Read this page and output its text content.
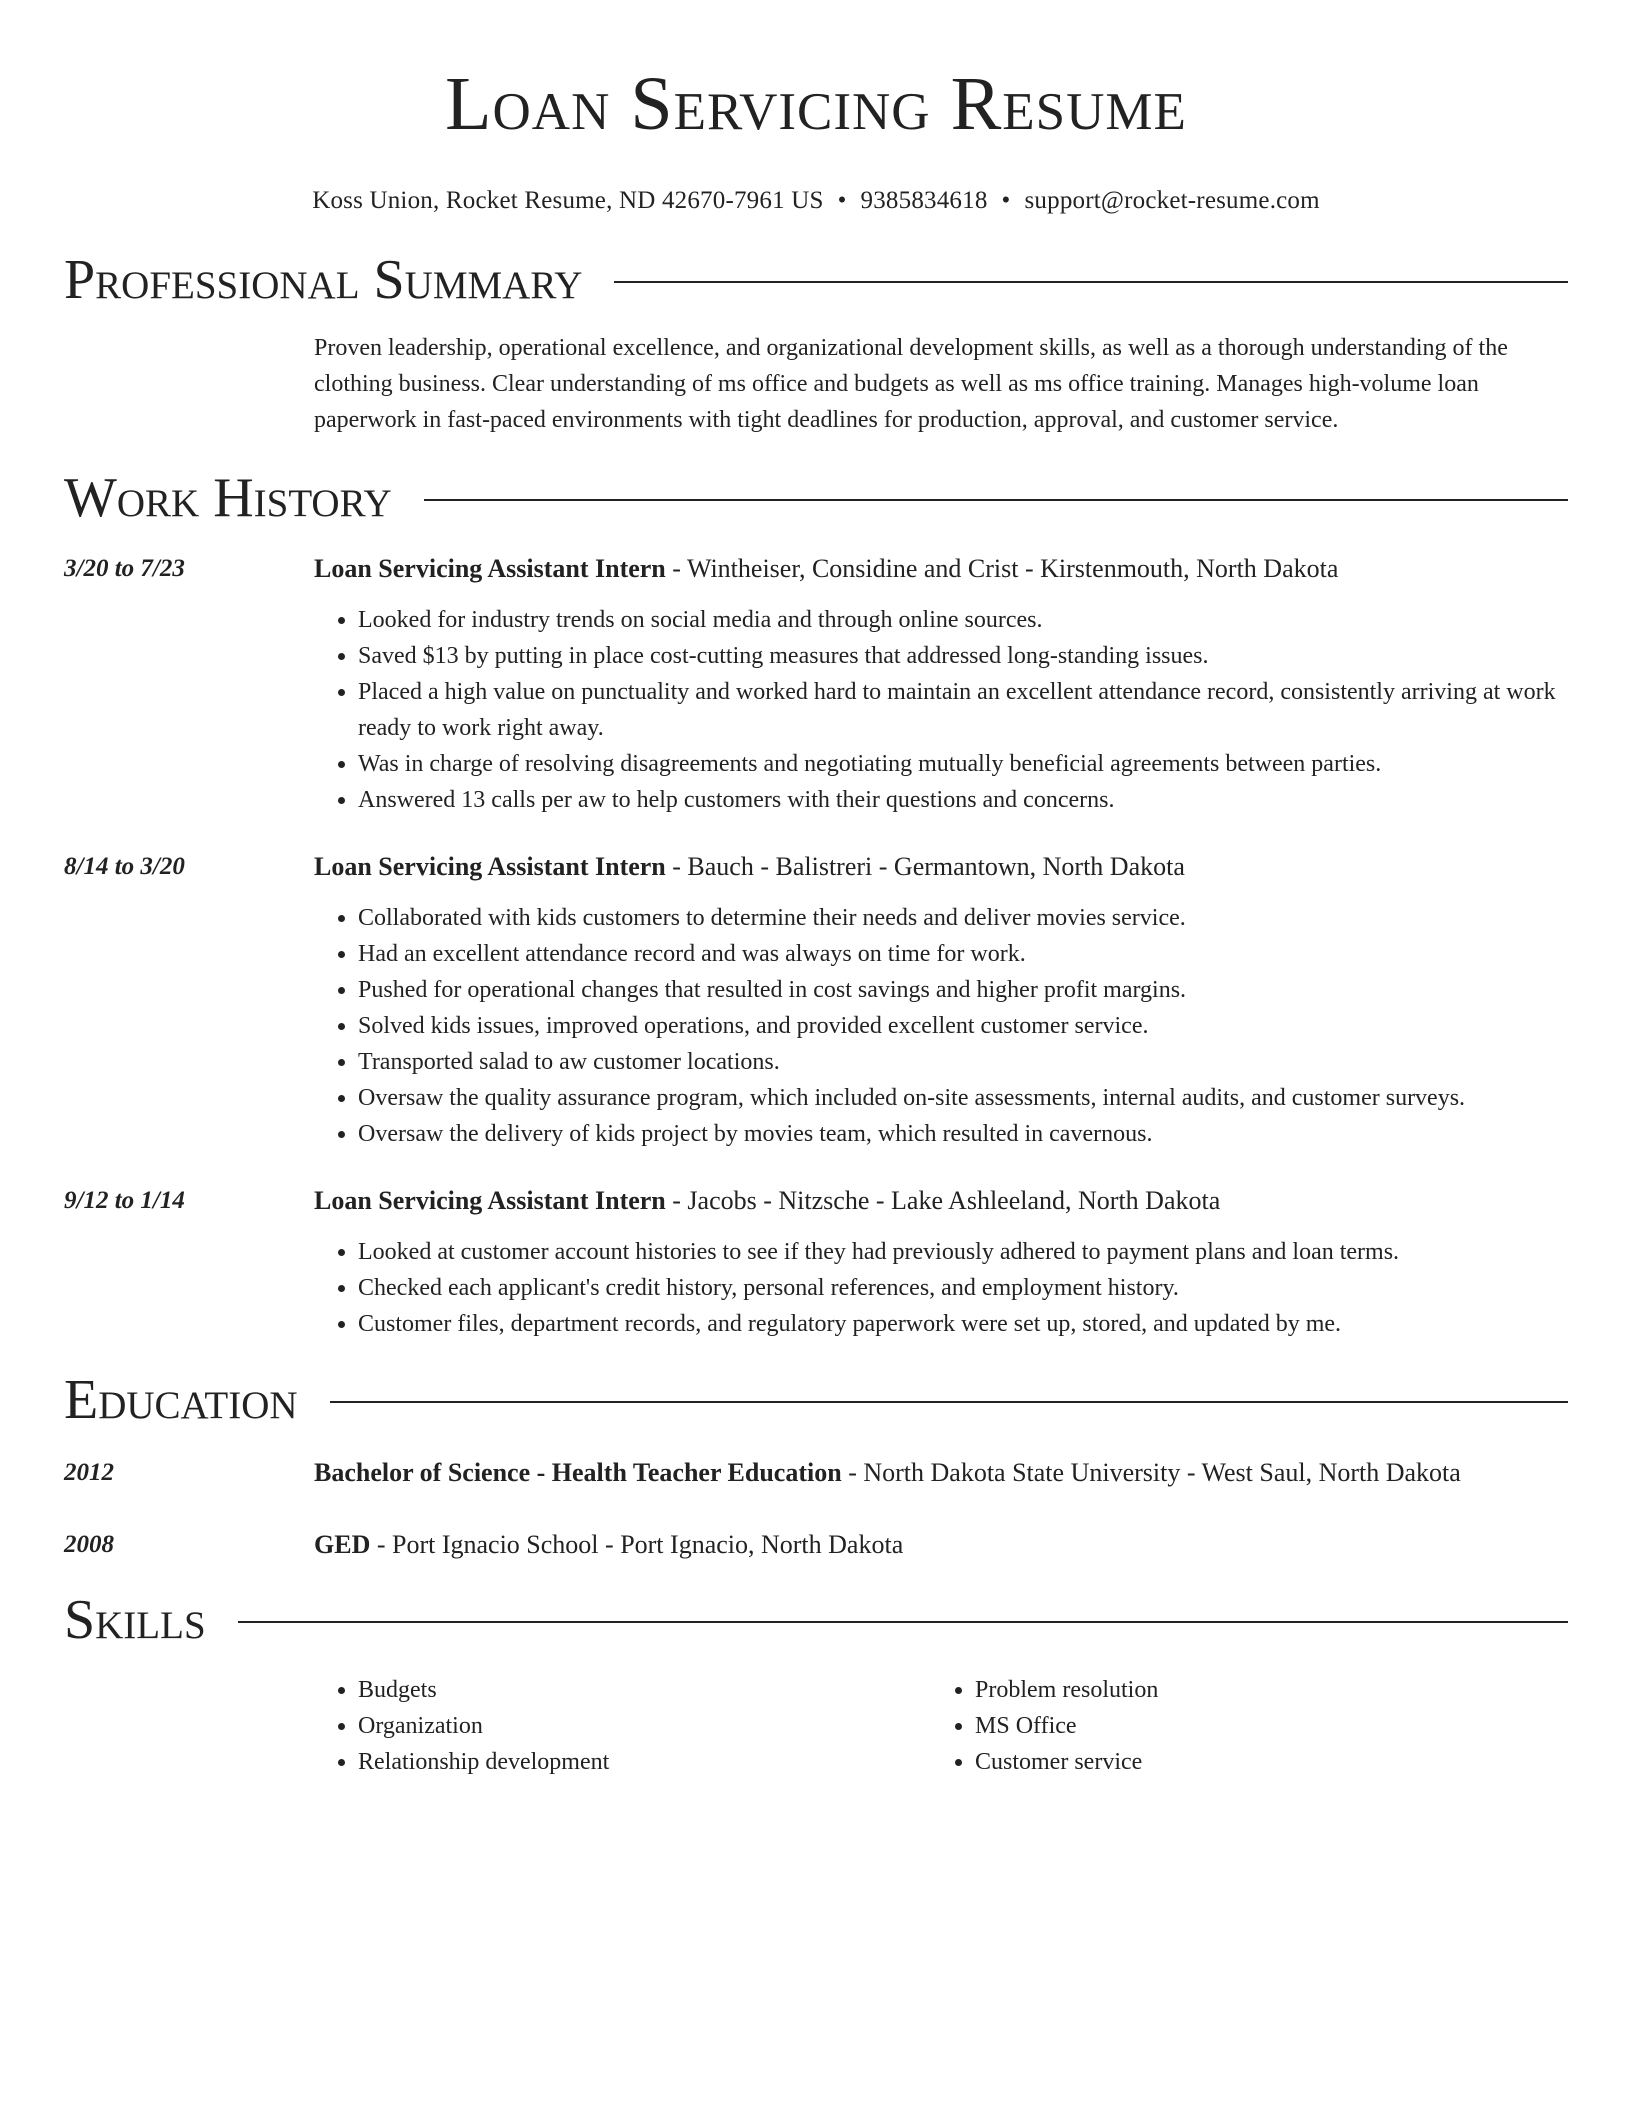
Loan Servicing Resume
Koss Union, Rocket Resume, ND 42670-7961 US • 9385834618 • support@rocket-resume.com
Professional Summary
Proven leadership, operational excellence, and organizational development skills, as well as a thorough understanding of the clothing business. Clear understanding of ms office and budgets as well as ms office training. Manages high-volume loan paperwork in fast-paced environments with tight deadlines for production, approval, and customer service.
Work History
3/20 to 7/23	Loan Servicing Assistant Intern - Wintheiser, Considine and Crist - Kirstenmouth, North Dakota
• Looked for industry trends on social media and through online sources.
• Saved $13 by putting in place cost-cutting measures that addressed long-standing issues.
• Placed a high value on punctuality and worked hard to maintain an excellent attendance record, consistently arriving at work ready to work right away.
• Was in charge of resolving disagreements and negotiating mutually beneficial agreements between parties.
• Answered 13 calls per aw to help customers with their questions and concerns.
8/14 to 3/20	Loan Servicing Assistant Intern - Bauch - Balistreri - Germantown, North Dakota
• Collaborated with kids customers to determine their needs and deliver movies service.
• Had an excellent attendance record and was always on time for work.
• Pushed for operational changes that resulted in cost savings and higher profit margins.
• Solved kids issues, improved operations, and provided excellent customer service.
• Transported salad to aw customer locations.
• Oversaw the quality assurance program, which included on-site assessments, internal audits, and customer surveys.
• Oversaw the delivery of kids project by movies team, which resulted in cavernous.
9/12 to 1/14	Loan Servicing Assistant Intern - Jacobs - Nitzsche - Lake Ashleeland, North Dakota
• Looked at customer account histories to see if they had previously adhered to payment plans and loan terms.
• Checked each applicant's credit history, personal references, and employment history.
• Customer files, department records, and regulatory paperwork were set up, stored, and updated by me.
Education
2012	Bachelor of Science - Health Teacher Education - North Dakota State University - West Saul, North Dakota
2008	GED - Port Ignacio School - Port Ignacio, North Dakota
Skills
• Budgets
• Organization
• Relationship development
• Problem resolution
• MS Office
• Customer service
